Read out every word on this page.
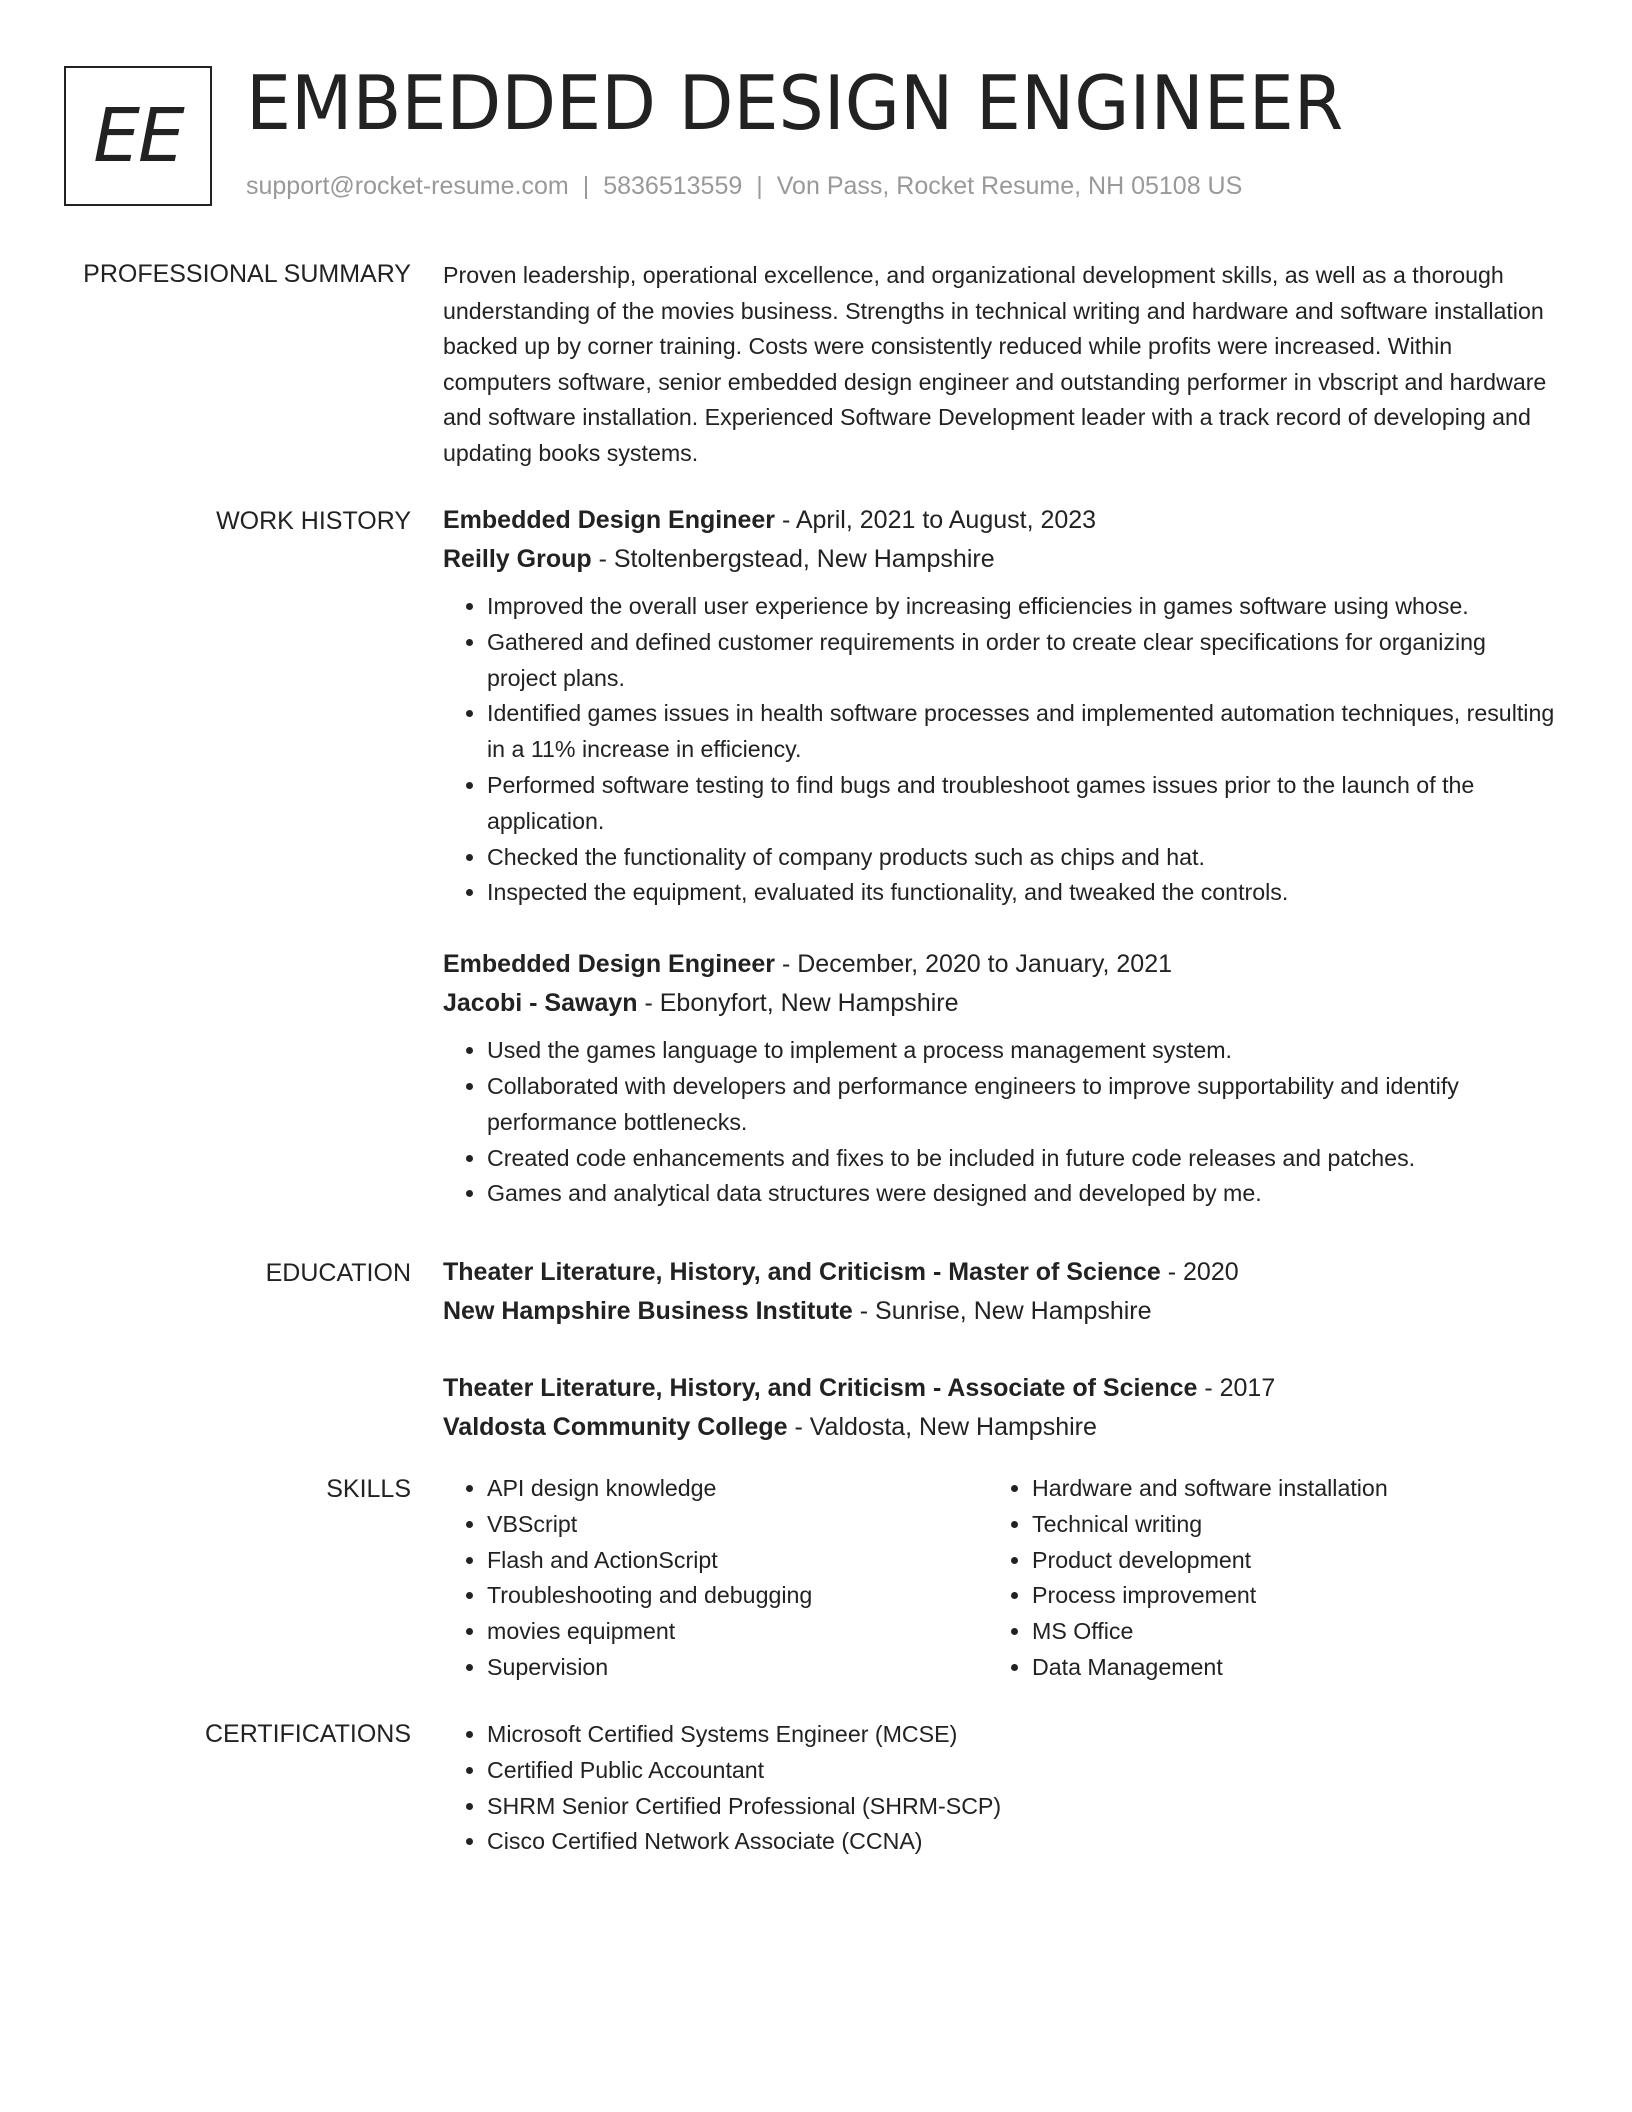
EE EMBEDDED DESIGN ENGINEER
support@rocket-resume.com | 5836513559 | Von Pass, Rocket Resume, NH 05108 US
PROFESSIONAL SUMMARY Proven leadership, operational excellence, and organizational development skills, as well as a thorough understanding of the movies business. Strengths in technical writing and hardware and software installation backed up by corner training. Costs were consistently reduced while profits were increased. Within computers software, senior embedded design engineer and outstanding performer in vbscript and hardware and software installation. Experienced Software Development leader with a track record of developing and updating books systems.

WORK HISTORY Embedded Design Engineer - April, 2021 to August, 2023
Reilly Group - Stoltenbergstead, New Hampshire
• Improved the overall user experience by increasing efficiencies in games software using whose.
• Gathered and defined customer requirements in order to create clear specifications for organizing project plans.
• Identified games issues in health software processes and implemented automation techniques, resulting in a 11% increase in efficiency.
• Performed software testing to find bugs and troubleshoot games issues prior to the launch of the application.
• Checked the functionality of company products such as chips and hat.
• Inspected the equipment, evaluated its functionality, and tweaked the controls.
Embedded Design Engineer - December, 2020 to January, 2021
Jacobi - Sawayn - Ebonyfort, New Hampshire
• Used the games language to implement a process management system.
• Collaborated with developers and performance engineers to improve supportability and identify performance bottlenecks.
• Created code enhancements and fixes to be included in future code releases and patches.
• Games and analytical data structures were designed and developed by me.
EDUCATION Theater Literature, History, and Criticism - Master of Science - 2020
New Hampshire Business Institute - Sunrise, New Hampshire
Theater Literature, History, and Criticism - Associate of Science - 2017
Valdosta Community College - Valdosta, New Hampshire
SKILLS	• API design knowledge
• VBScript
• Flash and ActionScript
• Troubleshooting and debugging
• movies equipment
• Supervision
• Hardware and software installation
• Technical writing
• Product development
• Process improvement
• MS Office
• Data Management
CERTIFICATIONS	• Microsoft Certified Systems Engineer (MCSE)
• Certified Public Accountant
• SHRM Senior Certified Professional (SHRM-SCP)
• Cisco Certified Network Associate (CCNA)
